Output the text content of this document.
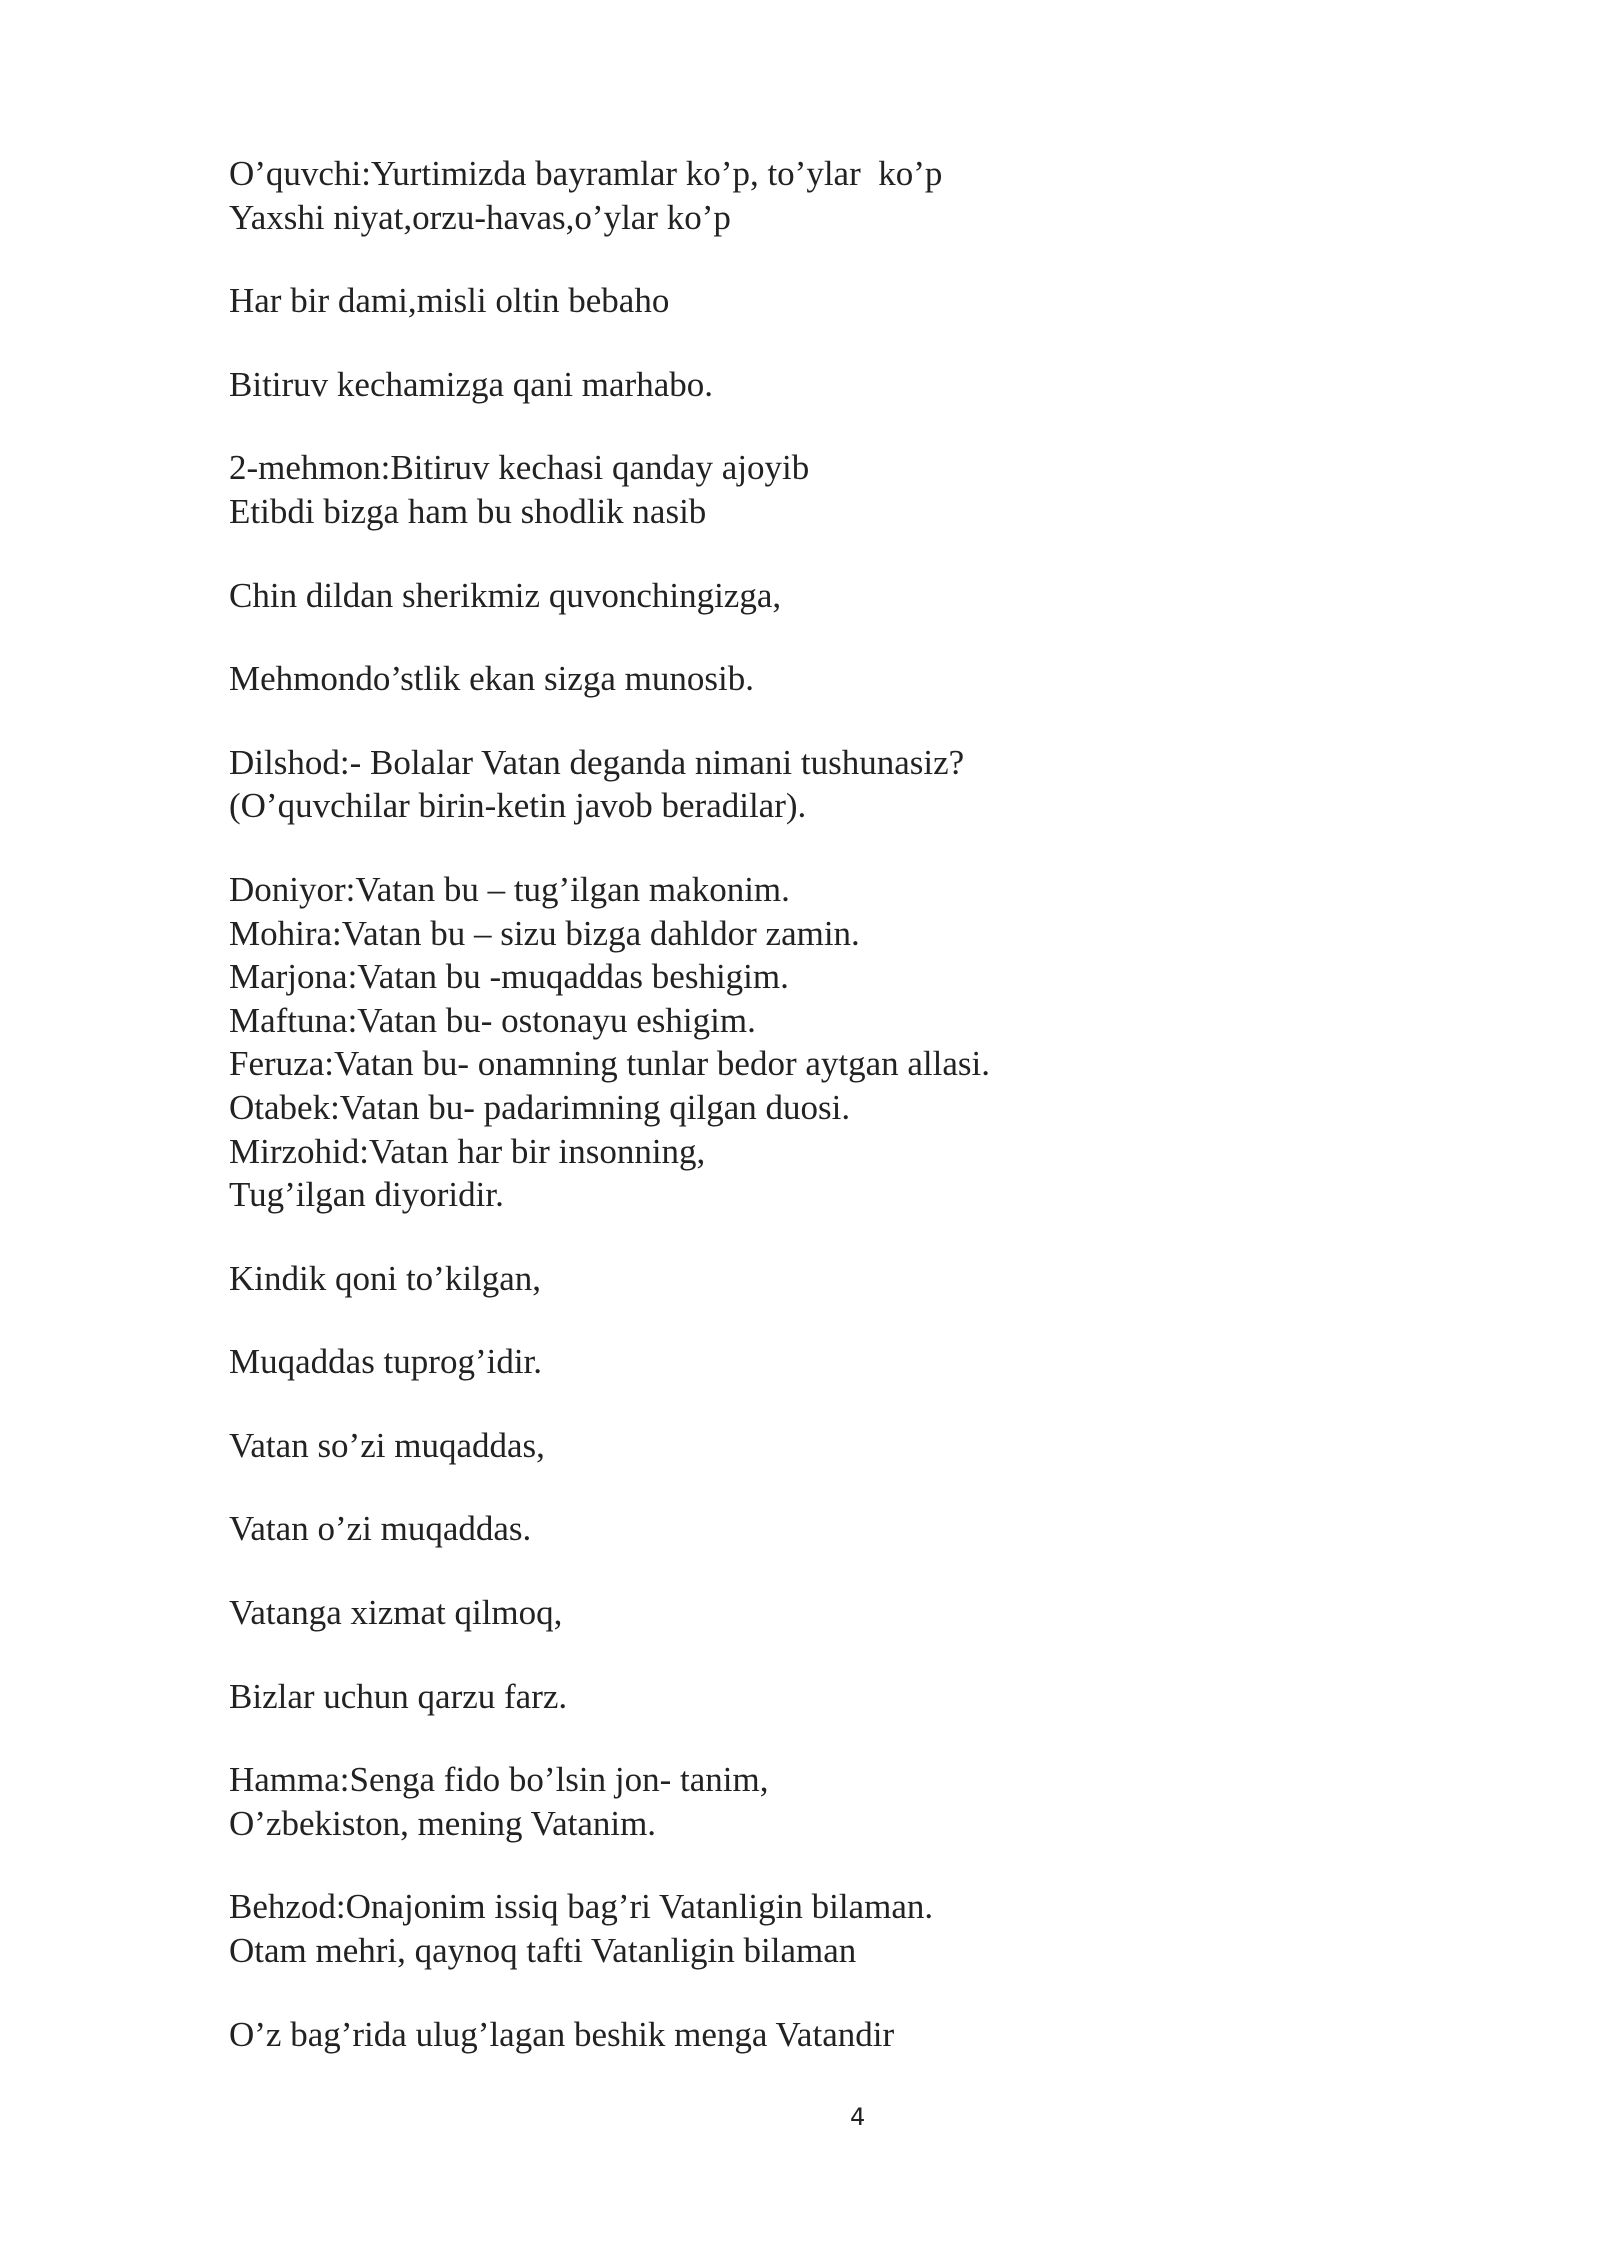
O’quvchi:Yurtimizda bayramlar ko’p, to’ylar  ko’p
Yaxshi niyat,orzu-havas,o’ylar ko’p
Har bir dami,misli oltin bebaho
Bitiruv kechamizga qani marhabo.
2-mehmon:Bitiruv kechasi qanday ajoyib
Etibdi bizga ham bu shodlik nasib
Chin dildan sherikmiz quvonchingizga,
Mehmondo’stlik ekan sizga munosib.
Dilshod:- Bolalar Vatan deganda nimani tushunasiz?
(O’quvchilar birin-ketin javob beradilar).
Doniyor:Vatan bu – tug’ilgan makonim.
Mohira:Vatan bu – sizu bizga dahldor zamin.
Marjona:Vatan bu -muqaddas beshigim.
Maftuna:Vatan bu- ostonayu eshigim.
Feruza:Vatan bu- onamning tunlar bedor aytgan allasi.
Otabek:Vatan bu- padarimning qilgan duosi.
Mirzohid:Vatan har bir insonning,
Tug’ilgan diyoridir.
Kindik qoni to’kilgan,
Muqaddas tuprog’idir.
Vatan so’zi muqaddas,
Vatan o’zi muqaddas.
Vatanga xizmat qilmoq,
Bizlar uchun qarzu farz.
Hamma:Senga fido bo’lsin jon- tanim,
O’zbekiston, mening Vatanim.
Behzod:Onajonim issiq bag’ri Vatanligin bilaman.
Otam mehri, qaynoq tafti Vatanligin bilaman
O’z bag’rida ulug’lagan beshik menga Vatandir
4
